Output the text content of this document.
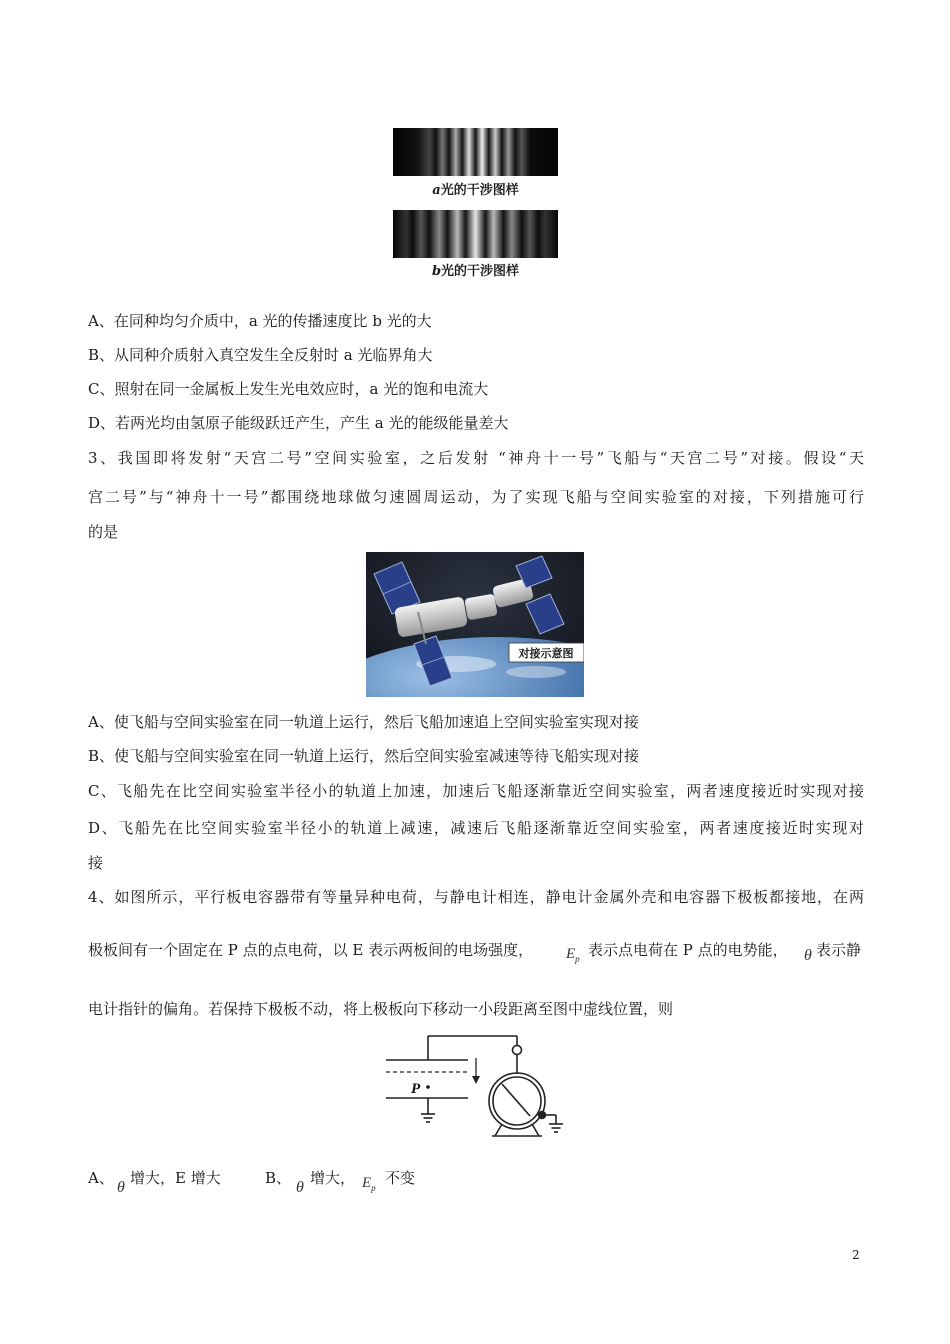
a光的干涉图样
b光的干涉图样
A、在同种均匀介质中，a 光的传播速度比 b 光的大
B、从同种介质射入真空发生全反射时 a 光临界角大
C、照射在同一金属板上发生光电效应时，a 光的饱和电流大
D、若两光均由氢原子能级跃迁产生，产生 a 光的能级能量差大
3、我国即将发射“天宫二号”空间实验室，之后发射 “神舟十一号”飞船与“天宫二号”对接。假设“天
宫二号”与“神舟十一号”都围绕地球做匀速圆周运动，为了实现飞船与空间实验室的对接，下列措施可行
的是
对接示意图
A、使飞船与空间实验室在同一轨道上运行，然后飞船加速追上空间实验室实现对接
B、使飞船与空间实验室在同一轨道上运行，然后空间实验室减速等待飞船实现对接
C、飞船先在比空间实验室半径小的轨道上加速，加速后飞船逐渐靠近空间实验室，两者速度接近时实现对接
D、飞船先在比空间实验室半径小的轨道上减速，减速后飞船逐渐靠近空间实验室，两者速度接近时实现对
接
4、如图所示，平行板电容器带有等量异种电荷，与静电计相连，静电计金属外壳和电容器下极板都接地，在两
极板间有一个固定在 P 点的点电荷，以 E 表示两板间的电场强度， $E_p$ 表示点电荷在 P 点的电势能， θ 表示静
电计指针的偏角。若保持下极板不动，将上极板向下移动一小段距离至图中虚线位置，则
P
A、
θ
增大，E 增大	B、
θ
增大， $E_p$
不变
2
